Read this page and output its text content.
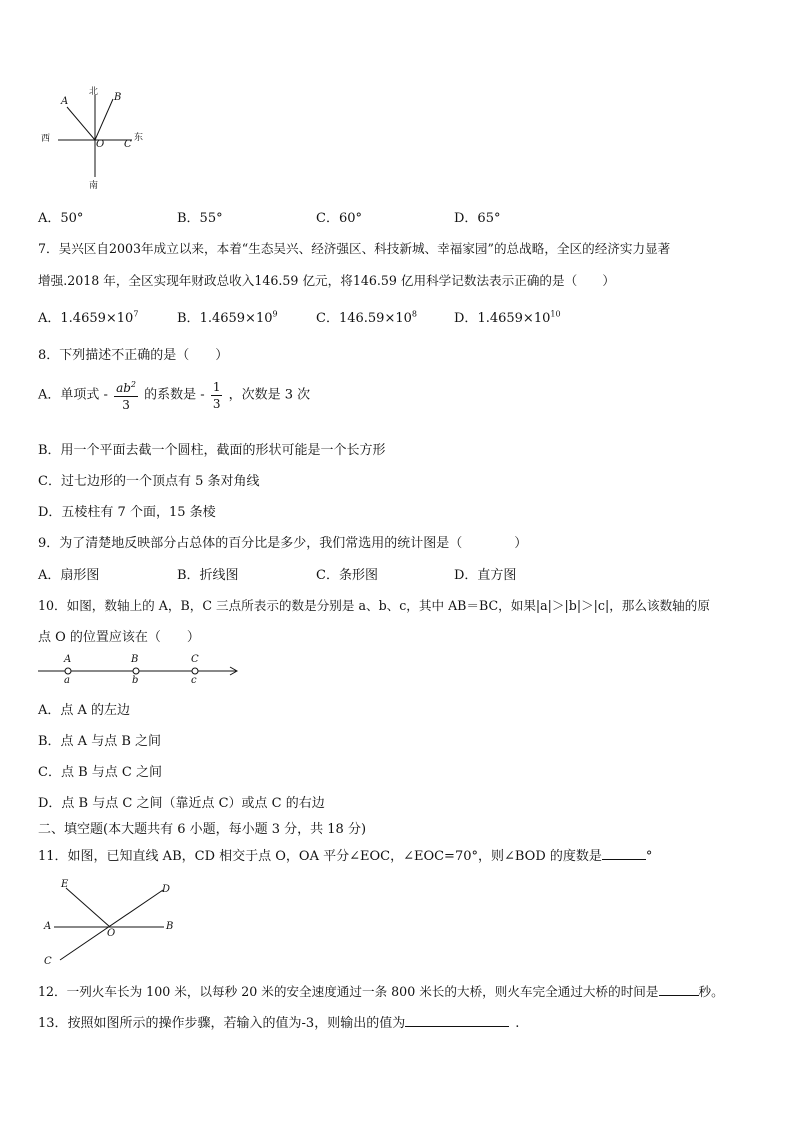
北
南
东
西
A	B
O C
A．50°	B．55°	C．60°	D．65°
7．吴兴区自2003年成立以来，本着“生态吴兴、经济强区、科技新城、幸福家园”的总战略，全区的经济实力显著
增强.2018 年，全区实现年财政总收入146.59 亿元，将146.59 亿用科学记数法表示正确的是（　　）
A．$1.4659\times 10^7$	B．$1.4659\times 10^9$	C．$146.59\times 10^8$	D．$1.4659\times 10^{10}$
8．下列描述不正确的是（　　）
A．单项式 - $\frac{ab^2}{3}$ 的系数是 - $\frac{1}{3}$ ，次数是 3 次
B．用一个平面去截一个圆柱，截面的形状可能是一个长方形
C．过七边形的一个顶点有 5 条对角线
D．五棱柱有 7 个面，15 条棱
9．为了清楚地反映部分占总体的百分比是多少，我们常选用的统计图是（　　　　）
A．扇形图	B．折线图	C．条形图	D．直方图
10．如图，数轴上的 A，B，C 三点所表示的数是分别是 a、b、c，其中 AB＝BC，如果|a|＞|b|＞|c|，那么该数轴的原
点 O 的位置应该在（　　）
A	B	C
a	b	c
A．点 A 的左边
B．点 A 与点 B 之间
C．点 B 与点 C 之间
D．点 B 与点 C 之间（靠近点 C）或点 C 的右边
二、填空题(本大题共有 6 小题，每小题 3 分，共 18 分)
11．如图，已知直线 AB，CD 相交于点 O，OA 平分∠EOC，∠EOC=70°，则∠BOD 的度数是	°
E	D
A
O
B
C
12．一列火车长为 100 米，以每秒 20 米的安全速度通过一条 800 米长的大桥，则火车完全通过大桥的时间是	秒。
13．按照如图所示的操作步骤，若输入的值为-3，则输出的值为	.
